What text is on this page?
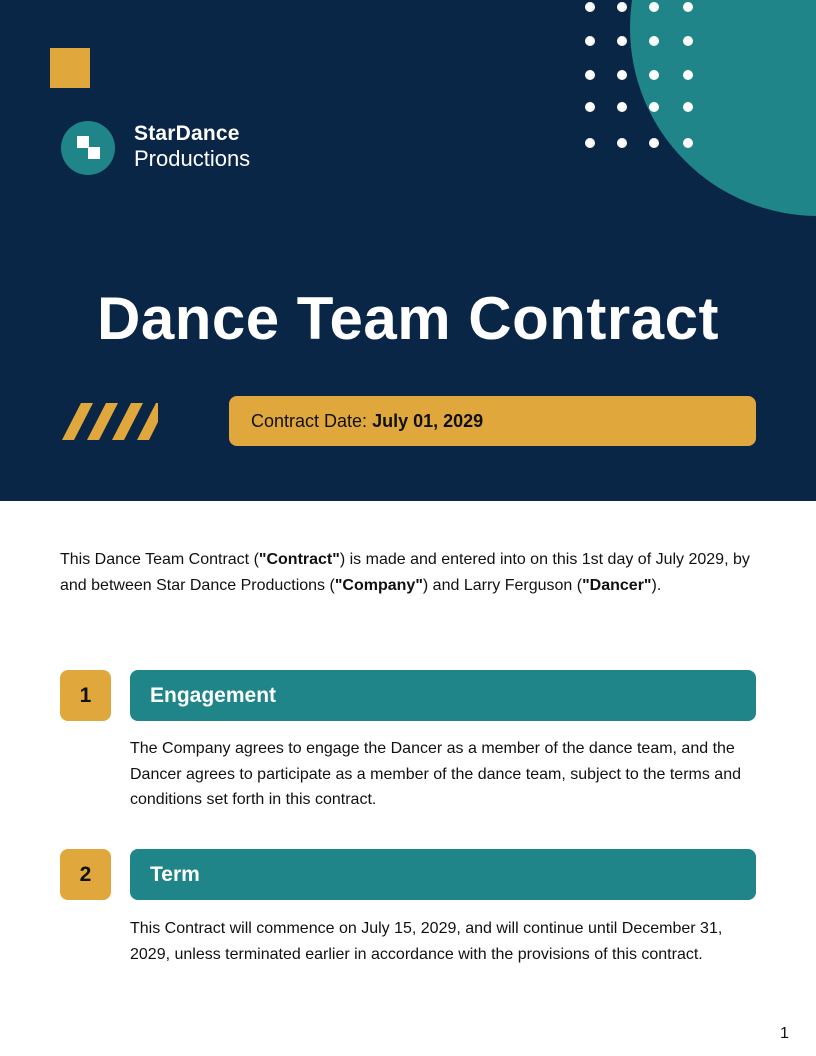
StarDance
Productions
Dance Team Contract
Contract Date: July 01, 2029

This Dance Team Contract ("Contract") is made and entered into on this 1st day of July 2029, by and between Star Dance Productions ("Company") and Larry Ferguson ("Dancer").

1	Engagement

The Company agrees to engage the Dancer as a member of the dance team, and the Dancer agrees to participate as a member of the dance team, subject to the terms and conditions set forth in this contract.

2	Term

This Contract will commence on July 15, 2029, and will continue until December 31, 2029, unless terminated earlier in accordance with the provisions of this contract.

1
